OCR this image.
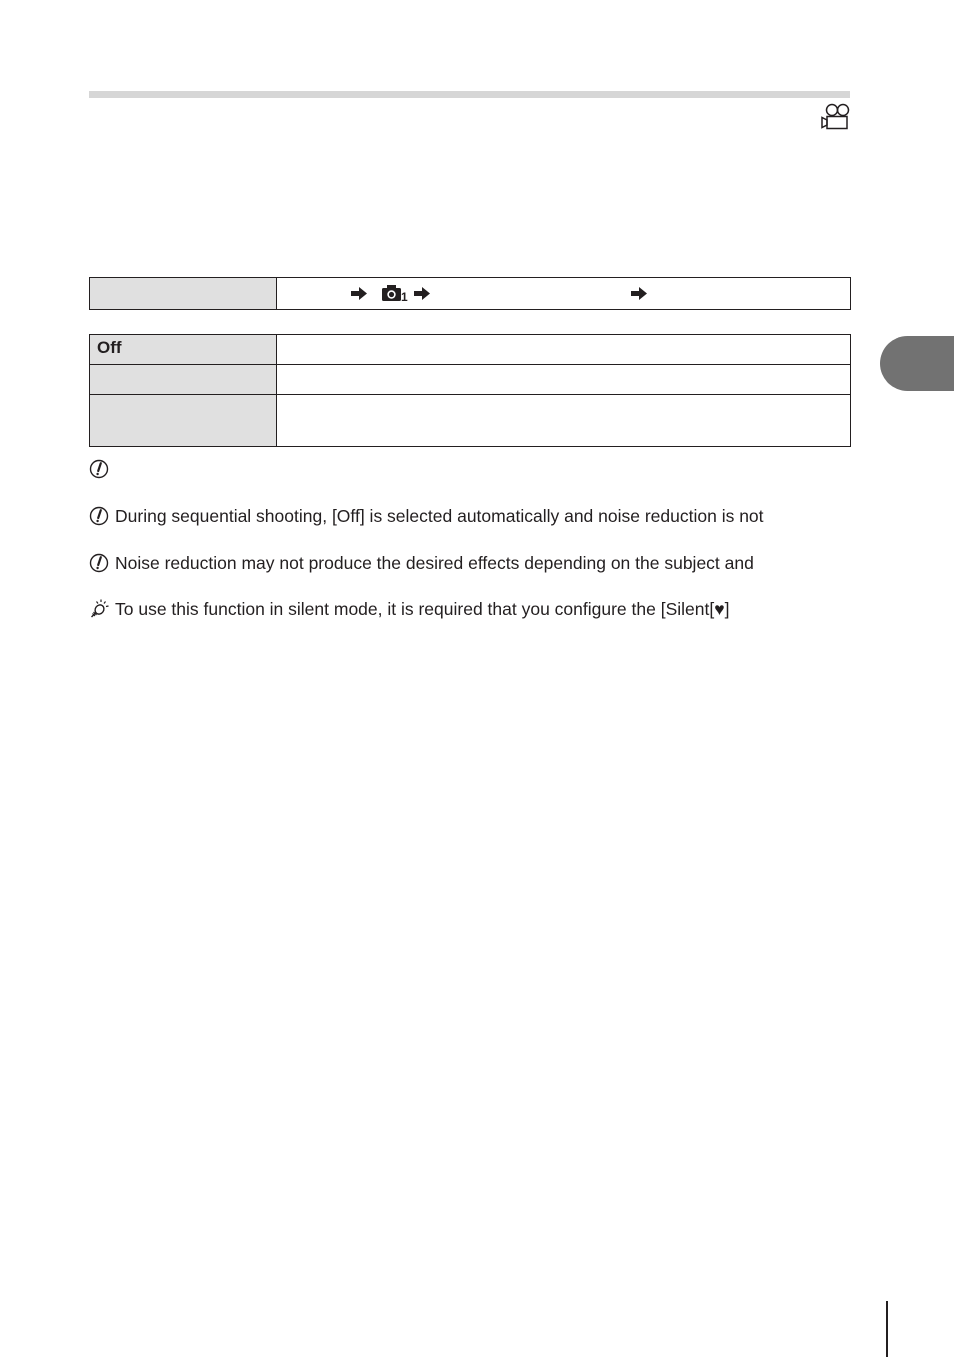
1
Off	

During sequential shooting, [Off] is selected automatically and noise reduction is not
Noise reduction may not produce the desired effects depending on the subject and
To use this function in silent mode, it is required that you configure the [Silent[♥]
